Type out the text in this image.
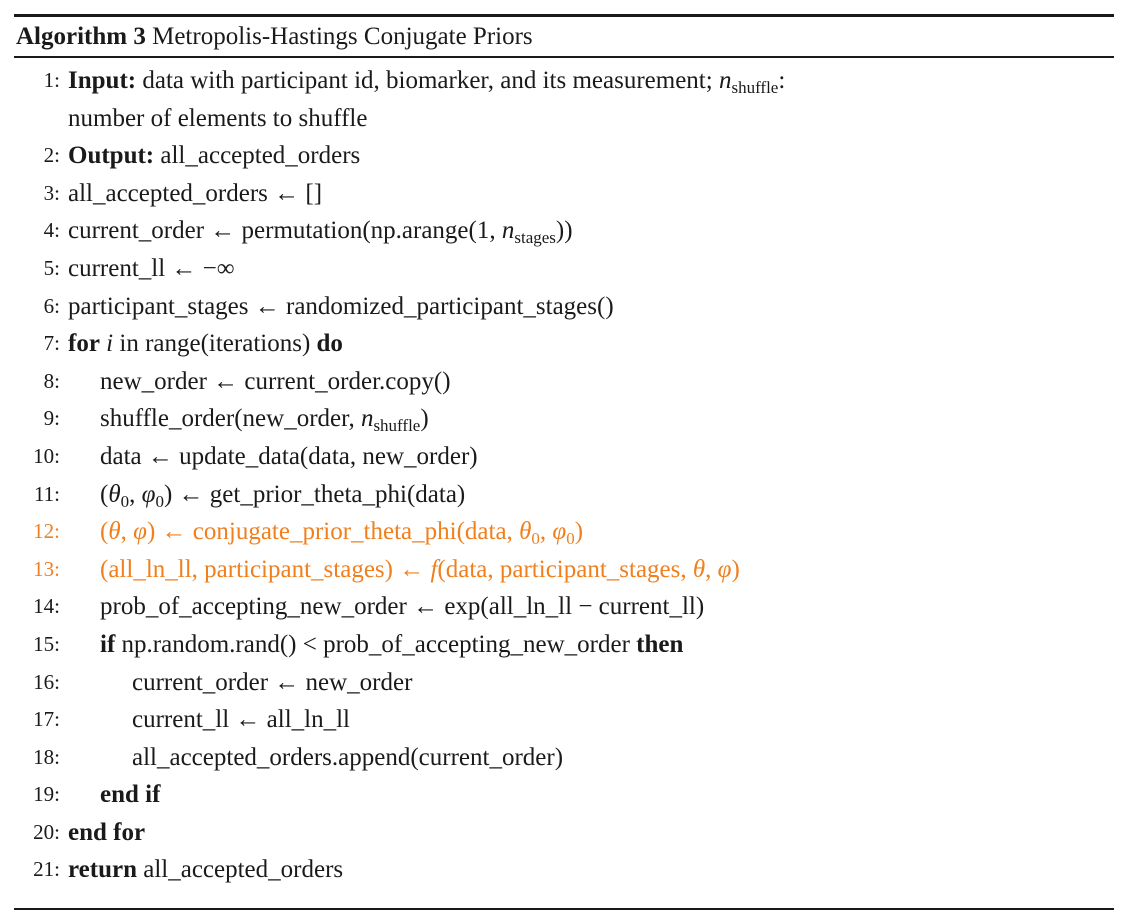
Algorithm 3 Metropolis-Hastings Conjugate Priors
1: Input: data with participant id, biomarker, and its measurement; $n_{shuffle}$:
number of elements to shuffle
2: Output: all_accepted_orders
3: all_accepted_orders ← []
4: current_order ← permutation(np.arange(1, $n_{stages}$))
5: current_ll ← −∞
6: participant_stages ← randomized_participant_stages()
7: for i in range(iterations) do
8: new_order ← current_order.copy()
9: shuffle_order(new_order, $n_{shuffle}$)
10: data ← update_data(data, new_order)
11: ($\theta_0$, $\varphi_0$) ← get_prior_theta_phi(data)
12: (θ, φ) ← conjugate_prior_theta_phi(data, $\theta_0$, $\varphi_0$)
13: (all_ln_ll, participant_stages) ← f(data, participant_stages, θ, φ)
14: prob_of_accepting_new_order ← exp(all_ln_ll − current_ll)
15: if np.random.rand() < prob_of_accepting_new_order then
16:	current_order ← new_order
17:	current_ll ← all_ln_ll
18:	all_accepted_orders.append(current_order)
19: end if
20: end for
21: return all_accepted_orders
